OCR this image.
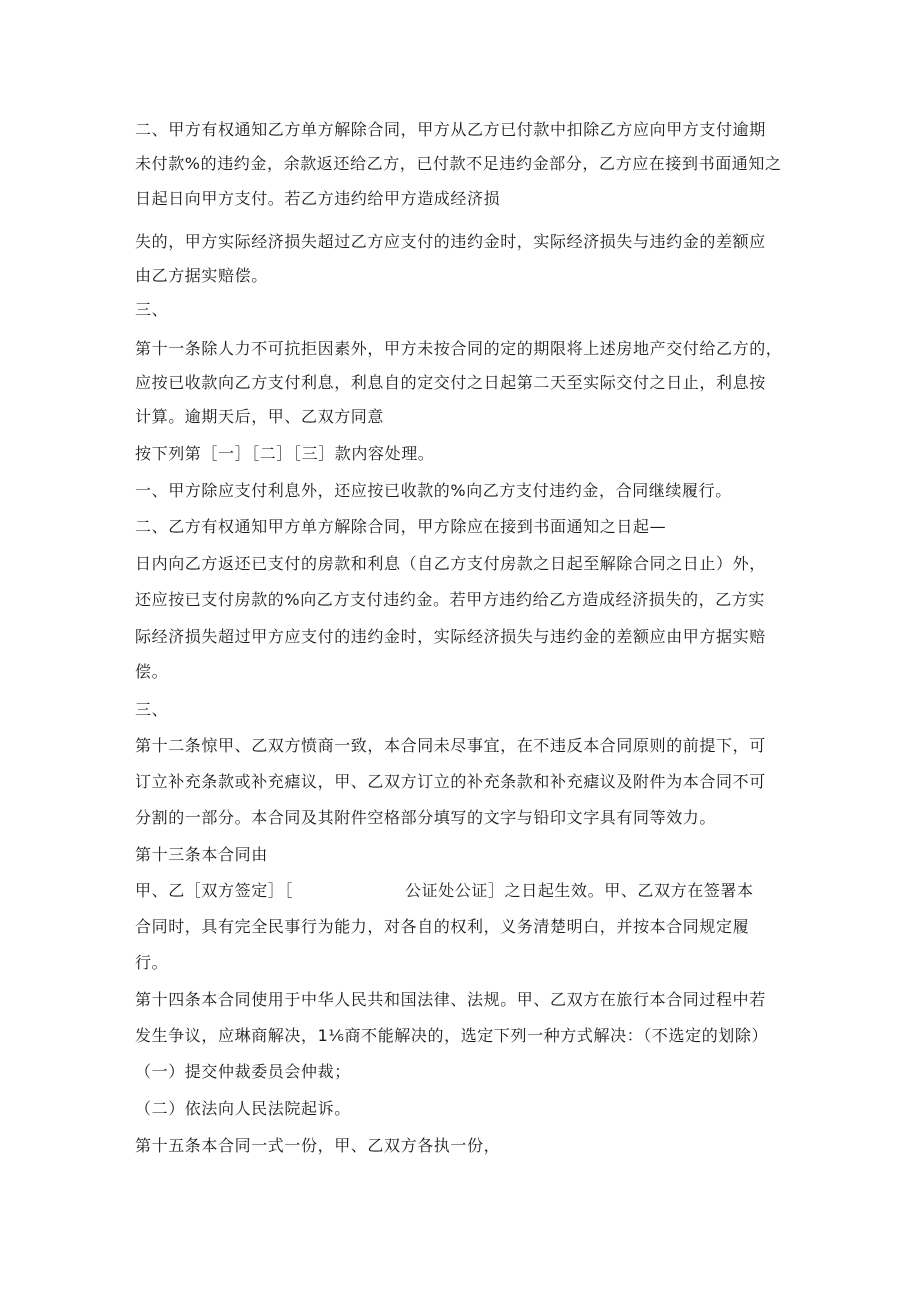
二、甲方有权通知乙方单方解除合同，甲方从乙方已付款中扣除乙方应向甲方支付逾期
未付款%的违约金，余款返还给乙方，已付款不足违约金部分，乙方应在接到书面通知之
日起日向甲方支付。若乙方违约给甲方造成经济损
失的，甲方实际经济损失超过乙方应支付的违约金时，实际经济损失与违约金的差额应
由乙方据实赔偿。
三、
第十一条除人力不可抗拒因素外，甲方未按合同的定的期限将上述房地产交付给乙方的，
应按已收款向乙方支付利息，利息自的定交付之日起第二天至实际交付之日止，利息按
计算。逾期天后，甲、乙双方同意
按下列第［一］［二］［三］款内容处理。
一、甲方除应支付利息外，还应按已收款的%向乙方支付违约金，合同继续履行。
二、乙方有权通知甲方单方解除合同，甲方除应在接到书面通知之日起—
日内向乙方返还已支付的房款和利息（自乙方支付房款之日起至解除合同之日止）外，
还应按已支付房款的%向乙方支付违约金。若甲方违约给乙方造成经济损失的，乙方实
际经济损失超过甲方应支付的违约金时，实际经济损失与违约金的差额应由甲方据实赔
偿。
三、
第十二条惊甲、乙双方愤商一致，本合同未尽事宜，在不违反本合同原则的前提下，可
订立补充条款或补充瘧议，甲、乙双方订立的补充条款和补充瘧议及附件为本合同不可
分割的一部分。本合同及其附件空格部分填写的文字与铅印文字具有同等效力。
第十三条本合同由
甲、乙［双方签定］［	公证处公证］之日起生效。甲、乙双方在签署本
合同时，具有完全民事行为能力，对各自的权利，义务清楚明白，并按本合同规定履
行。
第十四条本合同使用于中华人民共和国法律、法规。甲、乙双方在旅行本合同过程中若
发生争议，应琳商解决，1⅙商不能解决的，选定下列一种方式解决：（不选定的划除）
（一）提交仲裁委员会仲裁；
（二）依法向人民法院起诉。
第十五条本合同一式一份，甲、乙双方各执一份，
